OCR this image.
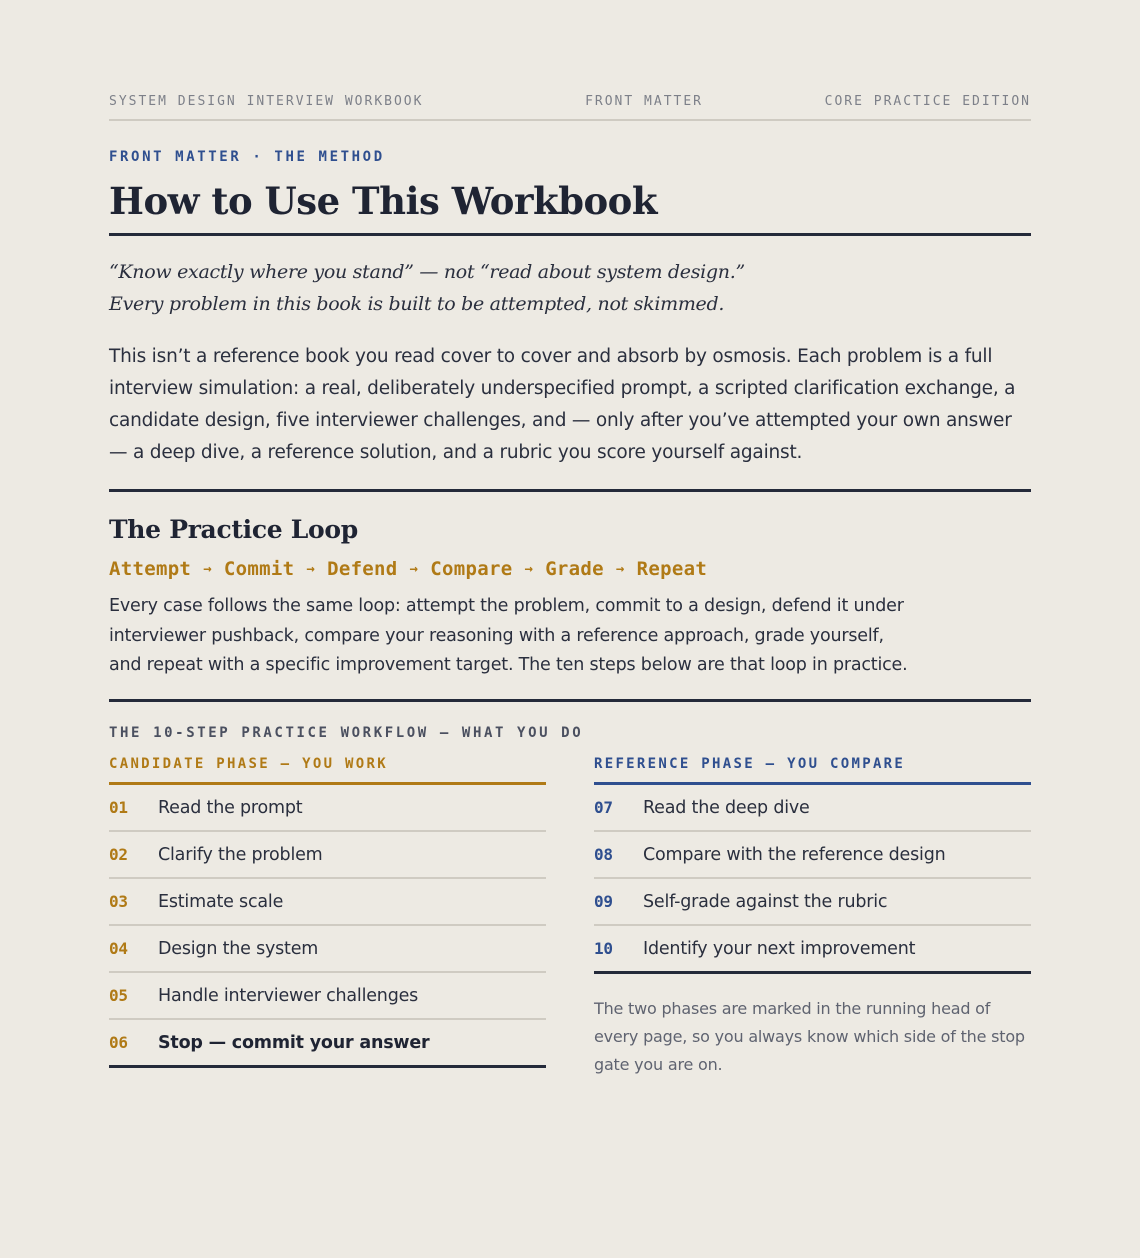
SYSTEM DESIGN INTERVIEW WORKBOOK	FRONT MATTER	CORE PRACTICE EDITION
FRONT MATTER · THE METHOD
How to Use This Workbook
“Know exactly where you stand” — not “read about system design.” Every problem in this book is built to be attempted, not skimmed.
This isn’t a reference book you read cover to cover and absorb by osmosis. Each problem is a full interview simulation: a real, deliberately underspecified prompt, a scripted clarification exchange, a candidate design, five interviewer challenges, and — only after you’ve attempted your own answer — a deep dive, a reference solution, and a rubric you score yourself against.
The Practice Loop
Attempt → Commit → Defend → Compare → Grade → Repeat
Every case follows the same loop: attempt the problem, commit to a design, defend it under interviewer pushback, compare your reasoning with a reference approach, grade yourself, and repeat with a specific improvement target. The ten steps below are that loop in practice.
THE 10-STEP PRACTICE WORKFLOW — WHAT YOU DO
CANDIDATE PHASE — YOU WORK
01	Read the prompt
02	Clarify the problem
03	Estimate scale
04	Design the system
05	Handle interviewer challenges
06	Stop — commit your answer
REFERENCE PHASE — YOU COMPARE
07	Read the deep dive
08	Compare with the reference design
09	Self-grade against the rubric
10	Identify your next improvement
The two phases are marked in the running head of every page, so you always know which side of the stop gate you are on.
